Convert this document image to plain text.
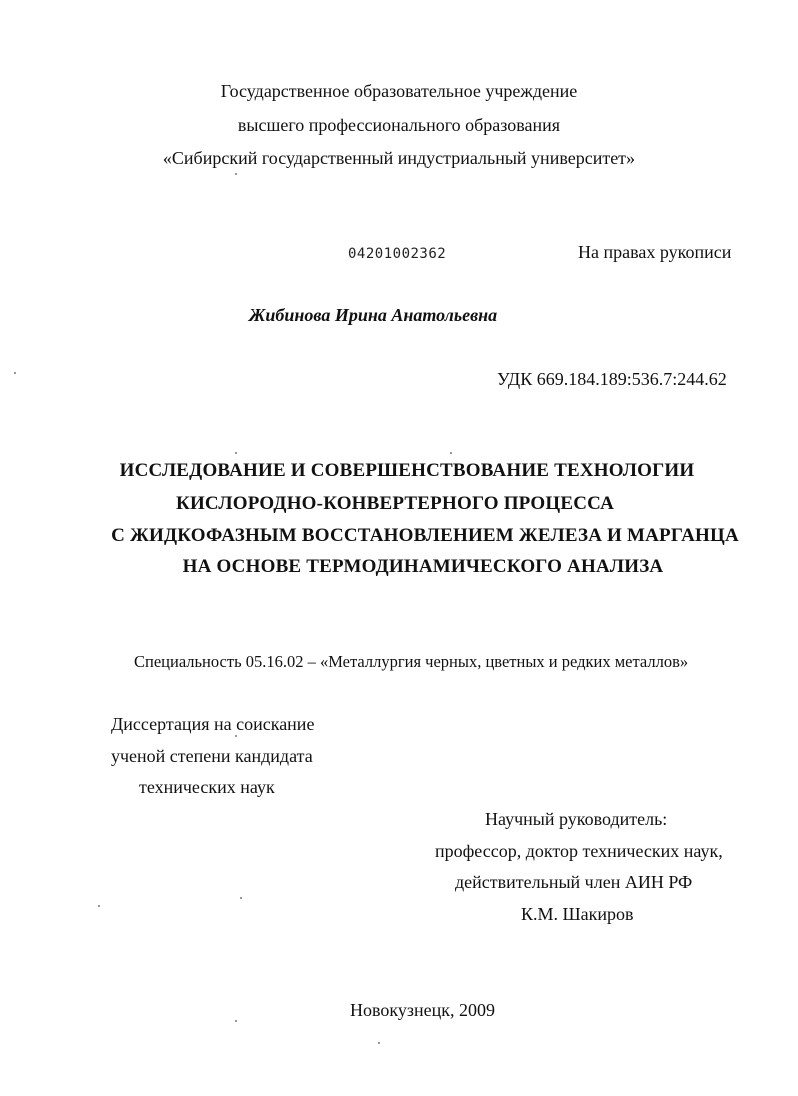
Государственное образовательное учреждение
высшего профессионального образования
«Сибирский государственный индустриальный университет»
04201002362	На правах рукописи
Жибинова Ирина Анатольевна
УДК 669.184.189:536.7:244.62
ИССЛЕДОВАНИЕ И СОВЕРШЕНСТВОВАНИЕ ТЕХНОЛОГИИ
КИСЛОРОДНО-КОНВЕРТЕРНОГО ПРОЦЕССА
С ЖИДКОФАЗНЫМ ВОССТАНОВЛЕНИЕМ ЖЕЛЕЗА И МАРГАНЦА
НА ОСНОВЕ ТЕРМОДИНАМИЧЕСКОГО АНАЛИЗА
Специальность 05.16.02 – «Металлургия черных, цветных и редких металлов»
Диссертация на соискание
ученой степени кандидата
технических наук
Научный руководитель:
профессор, доктор технических наук,
действительный член АИН РФ
К.М. Шакиров
Новокузнецк, 2009
